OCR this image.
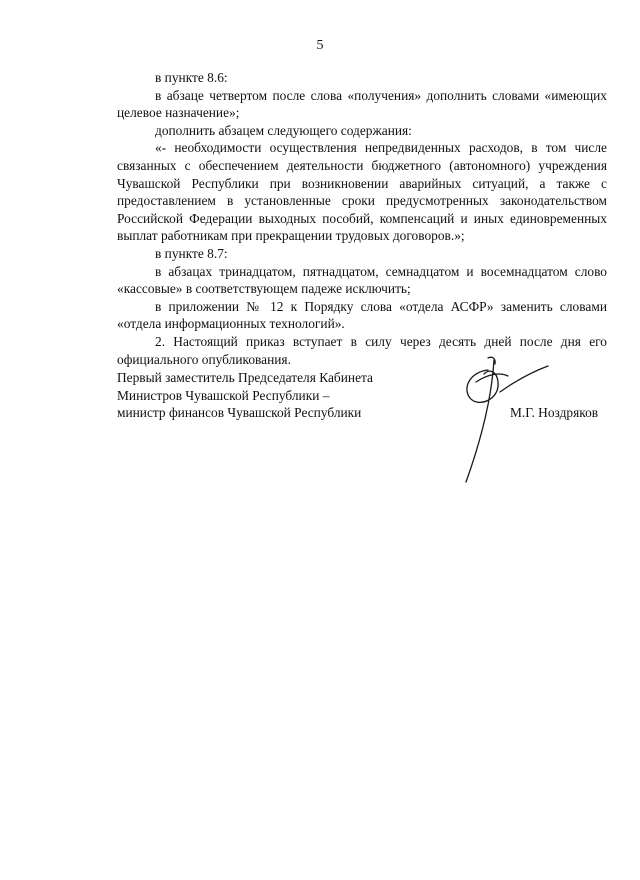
5

в пункте 8.6:

в абзаце четвертом после слова «получения» дополнить словами «имеющих целевое назначение»;

дополнить абзацем следующего содержания:

«- необходимости осуществления непредвиденных расходов, в том числе связанных с обеспечением деятельности бюджетного (автономного) учреждения Чувашской Республики при возникновении аварийных ситуаций, а также с предоставлением в установленные сроки предусмотренных законодательством Российской Федерации выходных пособий, компенсаций и иных единовременных выплат работникам при прекращении трудовых договоров.»;

в пункте 8.7:

в абзацах тринадцатом, пятнадцатом, семнадцатом и восемнадцатом слово «кассовые» в соответствующем падеже исключить;

в приложении № 12 к Порядку слова «отдела АСФР» заменить словами «отдела информационных технологий».

2. Настоящий приказ вступает в силу через десять дней после дня его официального опубликования.

Первый заместитель Председателя Кабинета
Министров Чувашской Республики –
министр финансов Чувашской Республики	М.Г. Ноздряков
